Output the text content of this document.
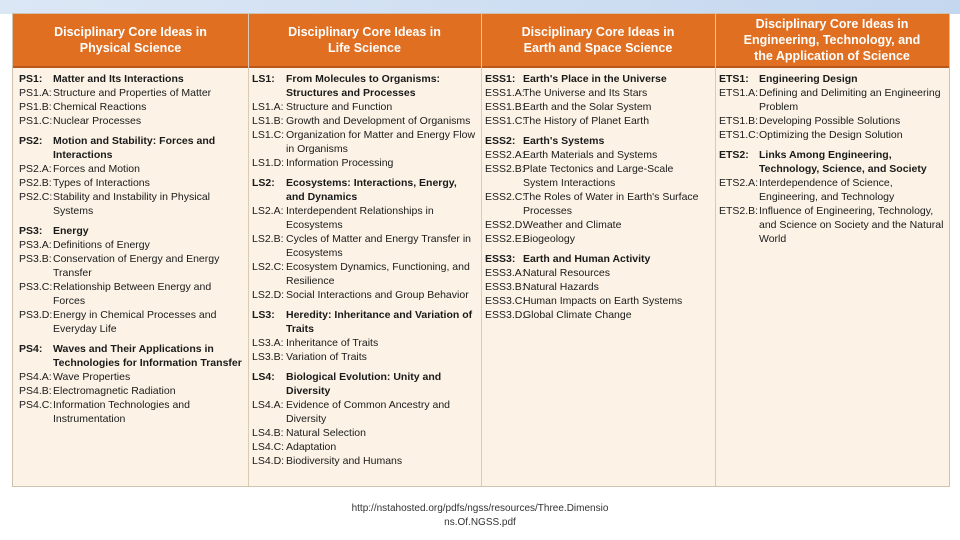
Disciplinary Core Ideas in
Physical Science
Disciplinary Core Ideas in
Life Science
Disciplinary Core Ideas in
Earth and Space Science
Disciplinary Core Ideas in
Engineering, Technology, and
the Application of Science
PS1:	Matter and Its Interactions
PS1.A: Structure and Properties of Matter
PS1.B: Chemical Reactions
PS1.C: Nuclear Processes
PS2:	Motion and Stability: Forces and Interactions
PS2.A: Forces and Motion
PS2.B: Types of Interactions
PS2.C: Stability and Instability in Physical Systems
PS3:	Energy
PS3.A: Definitions of Energy
PS3.B: Conservation of Energy and Energy Transfer
PS3.C: Relationship Between Energy and Forces
PS3.D: Energy in Chemical Processes and Everyday Life
PS4:	Waves and Their Applications in Technologies for Information Transfer
PS4.A: Wave Properties
PS4.B: Electromagnetic Radiation
PS4.C: Information Technologies and Instrumentation
LS1:	From Molecules to Organisms: Structures and Processes
LS1.A: Structure and Function
LS1.B: Growth and Development of Organisms
LS1.C: Organization for Matter and Energy Flow in Organisms
LS1.D: Information Processing
LS2:	Ecosystems: Interactions, Energy, and Dynamics
LS2.A: Interdependent Relationships in Ecosystems
LS2.B: Cycles of Matter and Energy Transfer in Ecosystems
LS2.C: Ecosystem Dynamics, Functioning, and Resilience
LS2.D: Social Interactions and Group Behavior
LS3:	Heredity: Inheritance and Variation of Traits
LS3.A: Inheritance of Traits
LS3.B: Variation of Traits
LS4:	Biological Evolution: Unity and Diversity
LS4.A: Evidence of Common Ancestry and Diversity
LS4.B: Natural Selection
LS4.C: Adaptation
LS4.D: Biodiversity and Humans
ESS1: Earth's Place in the Universe
ESS1.A:
The Universe and Its Stars
ESS1.B:
Earth and the Solar System
ESS1.C:
The History of Planet Earth
ESS2: Earth's Systems
ESS2.A:
Earth Materials and Systems
ESS2.B:
Plate Tectonics and Large-Scale System Interactions
ESS2.C:
The Roles of Water in Earth's Surface Processes
ESS2.D:
Weather and Climate
ESS2.E:
Biogeology
ESS3: Earth and Human Activity
ESS3.A:
Natural Resources
ESS3.B:
Natural Hazards
ESS3.C:
Human Impacts on Earth Systems
ESS3.D:
Global Climate Change
ETS1: Engineering Design
ETS1.A: Defining and Delimiting an Engineering Problem
ETS1.B: Developing Possible Solutions
ETS1.C: Optimizing the Design Solution
ETS2: Links Among Engineering, Technology, Science, and Society
ETS2.A: Interdependence of Science, Engineering, and Technology
ETS2.B: Influence of Engineering, Technology, and Science on Society and the Natural World
http://nstahosted.org/pdfs/ngss/resources/Three.Dimensio
ns.Of.NGSS.pdf
